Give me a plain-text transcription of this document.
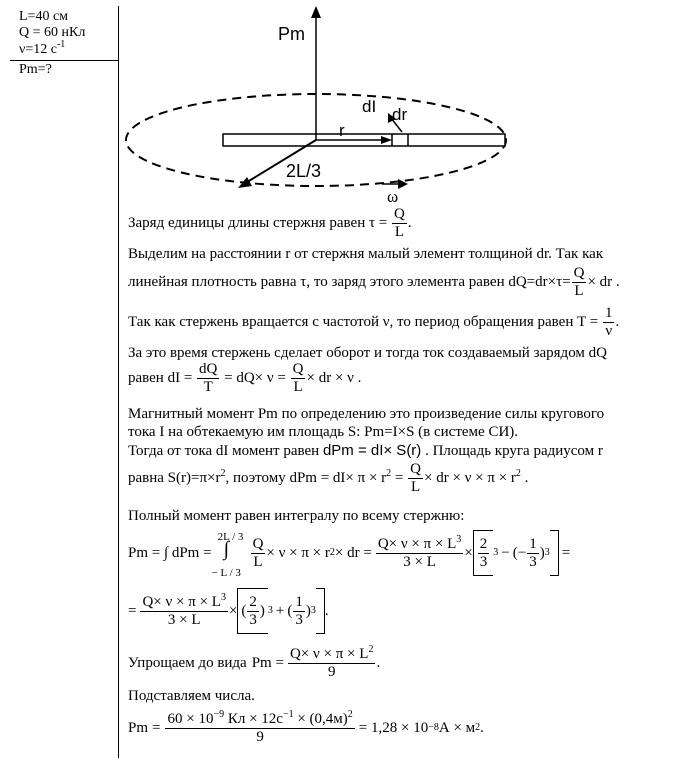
L=40 см
Q = 60 нКл
ν=12 $с^{-1}$
Pm=?
Pm
dI dr
r
2L/3
ω
Заряд единицы длины стержня равен $\tau = \frac{Q}{L}$ .
Выделим на расстоянии r от стержня малый элемент толщиной dr. Так как
линейная плотность равна τ, то заряд этого элемента равен $dQ=dr\times\tau= \frac{Q}{L}$ × dr .
Так как стержень вращается с частотой ν, то период обращения равен $T = \frac{1}{\nu}$ .
За это время стержень сделает оборот и тогда ток создаваемый зарядом dQ
равен dI = $\frac{dQ}{T} = dQ\times \nu = \frac{Q}{L}$ × dr × ν .
Магнитный момент Pm по определению это произведение силы кругового
тока I на обтекаемую им площадь S: Pm=I×S (в системе СИ).
Тогда от тока dI момент равен dPm = dI× S(r) . Площадь круга радиусом r
равна $S(r)=\pi\times r^2$, поэтому dPm = $dI\times \pi \times r^2 = \frac{Q}{L}$ × dr × $\nu \times \pi \times r^2$ .
Полный момент равен интегралу по всему стержню:
Pm = ∫ dPm =
2L / 3
∫
− L / 3
$\frac{Q}{L} \times \nu \times \pi \times r$ 2 × dr = $\frac{Q\times \nu \times \pi \times L^3}{3 \times L} \times \frac{2}{3} 3$ − (− $\frac{1}{3}$ ) 3 =
= $\frac{Q\times \nu \times \pi \times L^3}{3 \times L}$ × ( $\frac{2}{3}$ ) 3 + ( $\frac{1}{3}$ ) 3 .
Упрощаем до вида $Pm = \frac{Q\times \nu \times \pi \times L^2}{9}$ .
Подставляем числа.
$Pm = \frac{60 \times 10^{-9} Кл \times 12с^{-1} \times (0,4м)^2}{9} = 1,28 \times 10 -8$ А × м 2 .
